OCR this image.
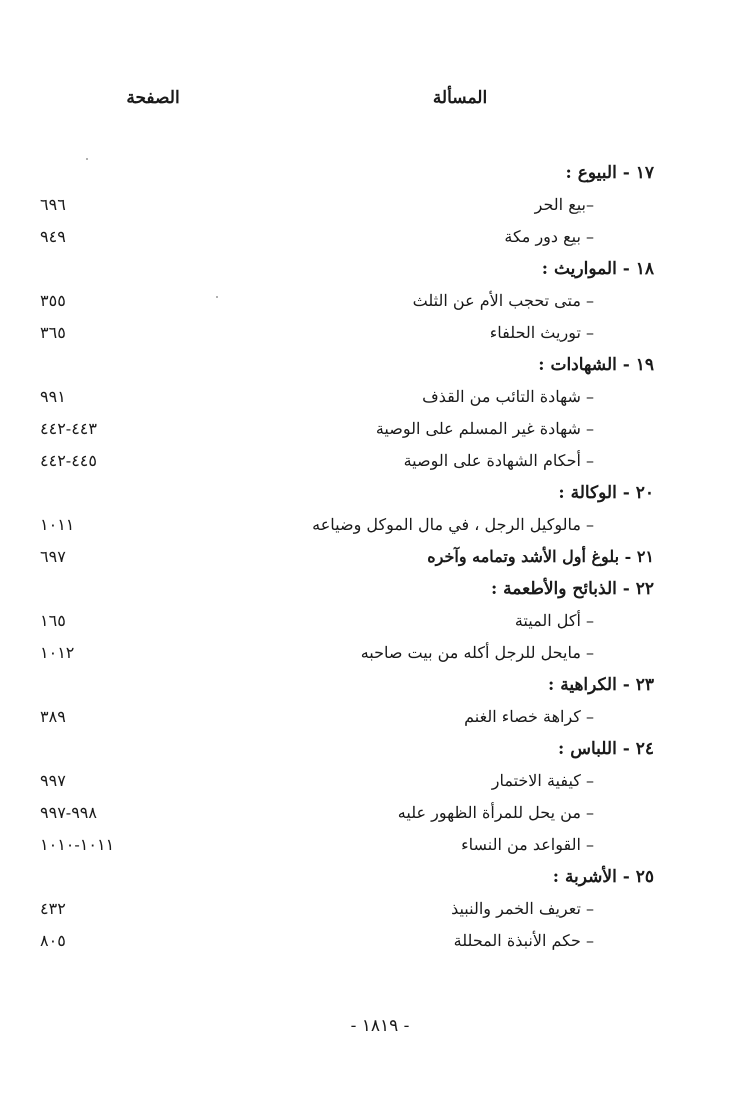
المسألة
الصفحة
١٧ - البيوع :
–بيع الحر
٦٩٦
– بيع دور مكة
٩٤٩
١٨ - المواريث :
– متى تحجب الأم عن الثلث
٣٥٥
– توريث الحلفاء
٣٦٥
١٩ - الشهادات :
– شهادة التائب من القذف
٩٩١
– شهادة غير المسلم على الوصية
٤٤٣-٤٤٢
– أحكام الشهادة على الوصية
٤٤٥-٤٤٢
٢٠ - الوكالة :
– مالوكيل الرجل ، في مال الموكل وضياعه
١٠١١
٢١ - بلوغ أول الأشد وتمامه وآخره
٦٩٧
٢٢ - الذبائح والأطعمة :
– أكل الميتة
١٦٥
– مايحل للرجل أكله من بيت صاحبه
١٠١٢
٢٣ - الكراهية :
– كراهة خصاء الغنم
٣٨٩
٢٤ - اللباس :
– كيفية الاختمار
٩٩٧
– من يحل للمرأة الظهور عليه
٩٩٨-٩٩٧
– القواعد من النساء
١٠١١-١٠١٠
٢٥ - الأشربة :
– تعريف الخمر والنبيذ
٤٣٢
– حكم الأنبذة المحللة
٨٠٥
- ١٨١٩ -
